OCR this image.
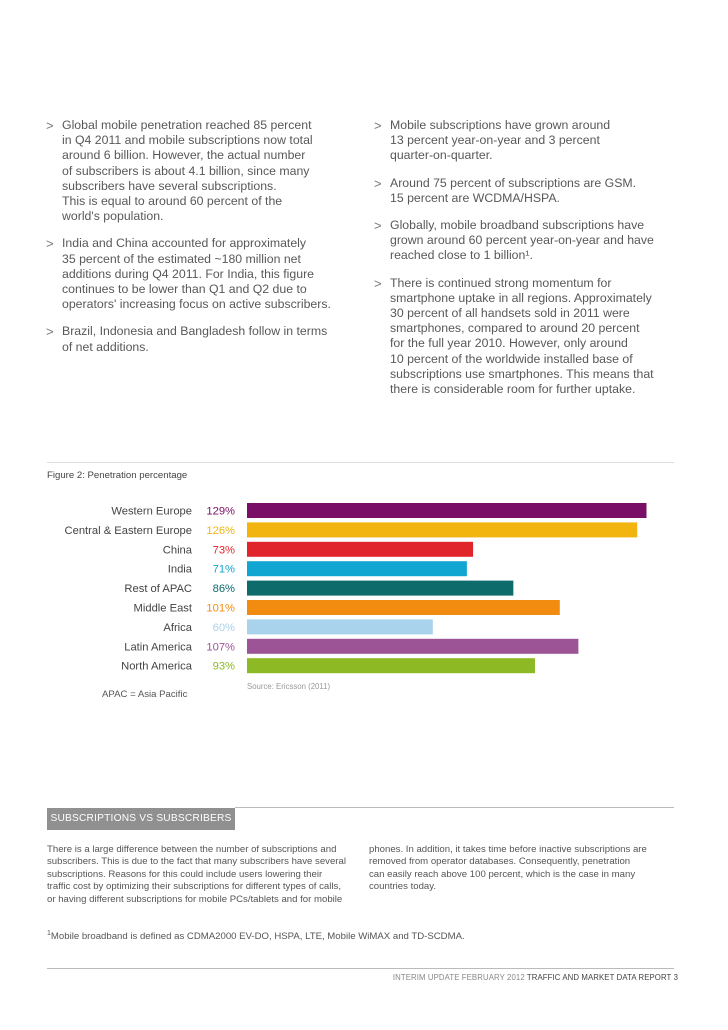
> Global mobile penetration reached 85 percent
in Q4 2011 and mobile subscriptions now total
around 6 billion. However, the actual number
of subscribers is about 4.1 billion, since many
subscribers have several subscriptions.
This is equal to around 60 percent of the
world's population.
> India and China accounted for approximately
35 percent of the estimated ~180 million net
additions during Q4 2011. For India, this figure
continues to be lower than Q1 and Q2 due to
operators' increasing focus on active subscribers.
> Brazil, Indonesia and Bangladesh follow in terms
of net additions.
> Mobile subscriptions have grown around
13 percent year-on-year and 3 percent
quarter-on-quarter.
> Around 75 percent of subscriptions are GSM.
15 percent are WCDMA/HSPA.
> Globally, mobile broadband subscriptions have
grown around 60 percent year-on-year and have
reached close to 1 billion¹.
> There is continued strong momentum for
smartphone uptake in all regions. Approximately
30 percent of all handsets sold in 2011 were
smartphones, compared to around 20 percent
for the full year 2010. However, only around
10 percent of the worldwide installed base of
subscriptions use smartphones. This means that
there is considerable room for further uptake.
Figure 2: Penetration percentage
Western Europe 129%
Central & Eastern Europe 126%
China 73%
India 71%
Rest of APAC 86%
Middle East 101%
Africa 60%
Latin America 107%
North America 93%
Source: Ericsson (2011)
APAC = Asia Pacific
SUBSCRIPTIONS VS SUBSCRIBERS
There is a large difference between the number of subscriptions and
subscribers. This is due to the fact that many subscribers have several
subscriptions. Reasons for this could include users lowering their
traffic cost by optimizing their subscriptions for different types of calls,
or having different subscriptions for mobile PCs/tablets and for mobile
phones. In addition, it takes time before inactive subscriptions are
removed from operator databases. Consequently, penetration
can easily reach above 100 percent, which is the case in many
countries today.
$^1$Mobile broadband is defined as CDMA2000 EV-DO, HSPA, LTE, Mobile WiMAX and TD-SCDMA.
INTERIM UPDATE FEBRUARY 2012 TRAFFIC AND MARKET DATA REPORT 3
